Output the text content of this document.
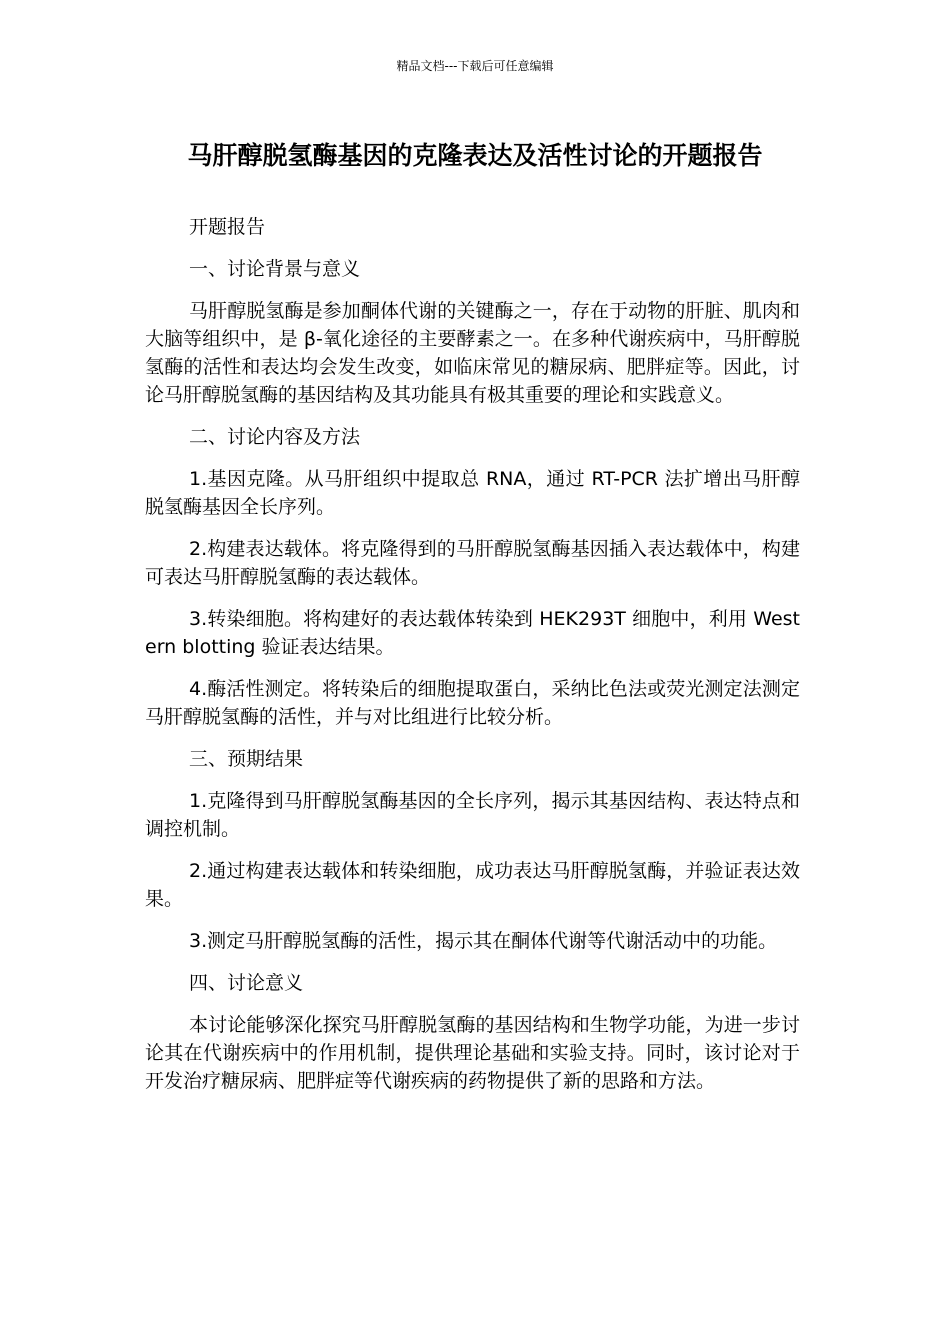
精品文档---下载后可任意编辑
马肝醇脱氢酶基因的克隆表达及活性讨论的开题报告

开题报告

一、讨论背景与意义

马肝醇脱氢酶是参加酮体代谢的关键酶之一，存在于动物的肝脏、肌肉和大脑等组织中，是 β-氧化途径的主要酵素之一。在多种代谢疾病中，马肝醇脱氢酶的活性和表达均会发生改变，如临床常见的糖尿病、肥胖症等。因此，讨论马肝醇脱氢酶的基因结构及其功能具有极其重要的理论和实践意义。

二、讨论内容及方法

1.基因克隆。从马肝组织中提取总 RNA，通过 RT-PCR 法扩增出马肝醇脱氢酶基因全长序列。

2.构建表达载体。将克隆得到的马肝醇脱氢酶基因插入表达载体中，构建可表达马肝醇脱氢酶的表达载体。

3.转染细胞。将构建好的表达载体转染到 HEK293T 细胞中，利用 Western blotting 验证表达结果。

4.酶活性测定。将转染后的细胞提取蛋白，采纳比色法或荧光测定法测定马肝醇脱氢酶的活性，并与对比组进行比较分析。

三、预期结果

1.克隆得到马肝醇脱氢酶基因的全长序列，揭示其基因结构、表达特点和调控机制。

2.通过构建表达载体和转染细胞，成功表达马肝醇脱氢酶，并验证表达效果。

3.测定马肝醇脱氢酶的活性，揭示其在酮体代谢等代谢活动中的功能。

四、讨论意义

本讨论能够深化探究马肝醇脱氢酶的基因结构和生物学功能，为进一步讨论其在代谢疾病中的作用机制，提供理论基础和实验支持。同时，该讨论对于开发治疗糖尿病、肥胖症等代谢疾病的药物提供了新的思路和方法。
